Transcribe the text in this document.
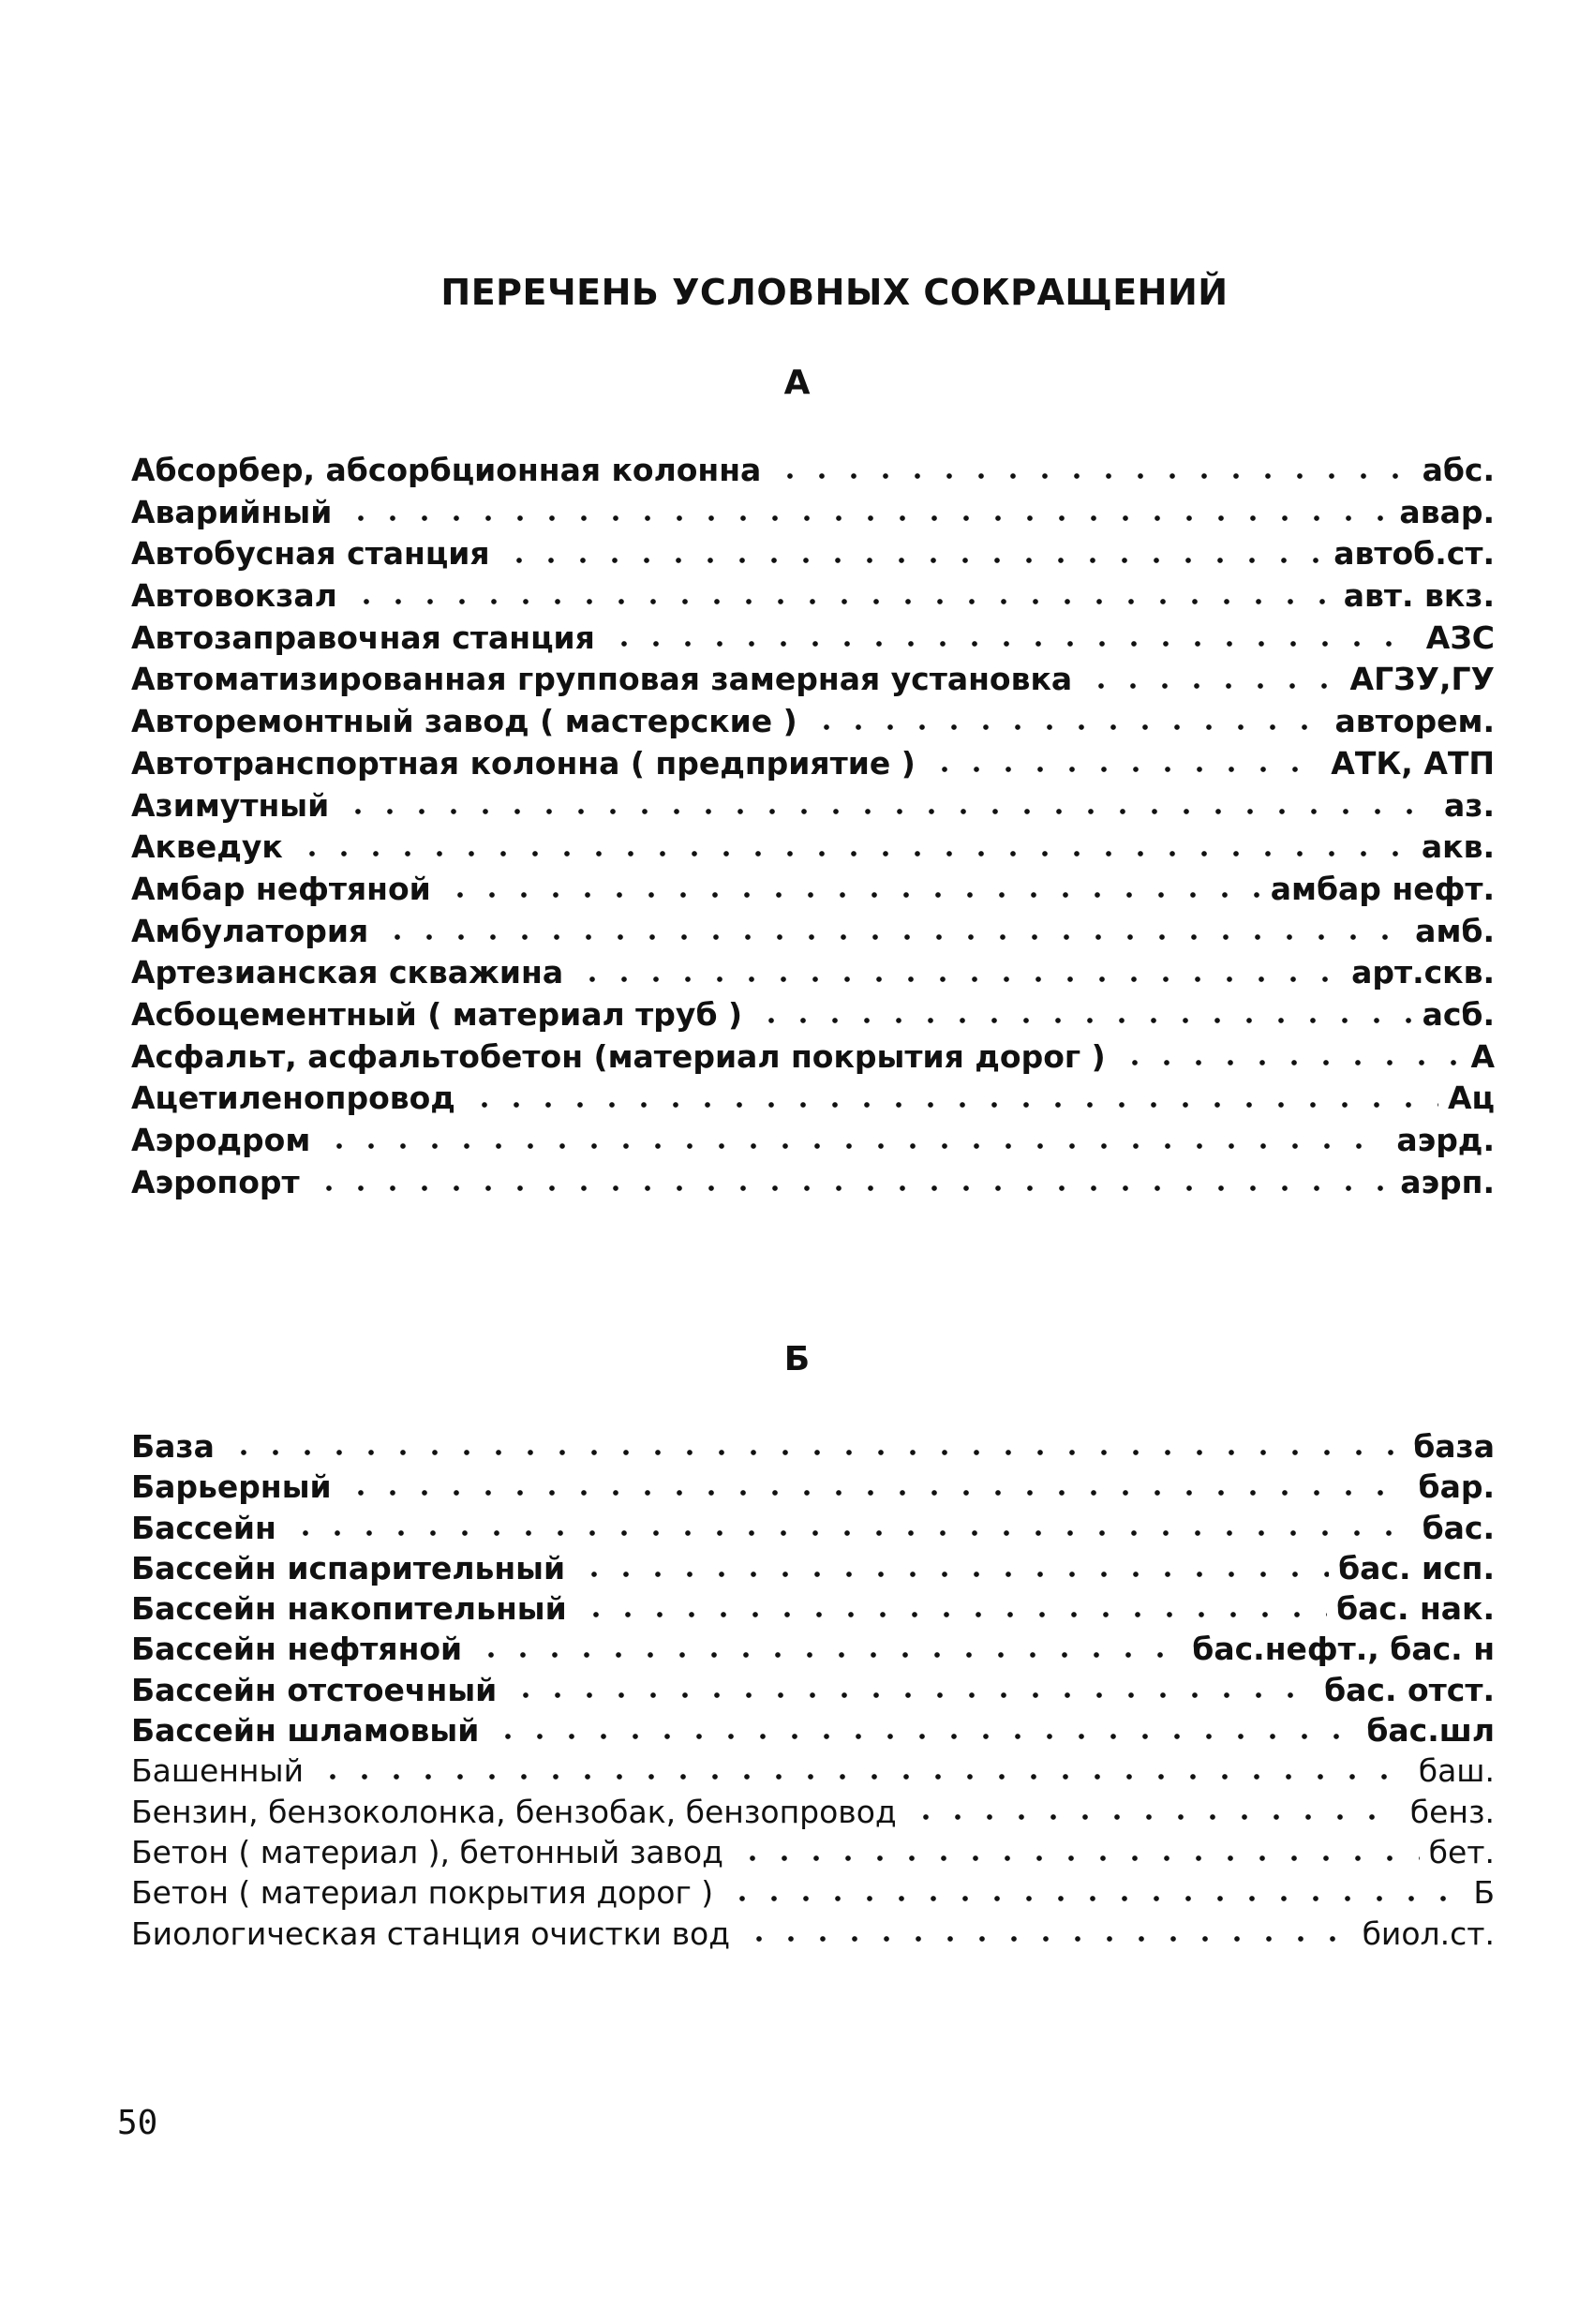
ПЕРЕЧЕНЬ УСЛОВНЫХ СОКРАЩЕНИЙ
А
Абсорбер, абсорбционная колонна	абс.
Аварийный	авар.
Автобусная станция	автоб.ст.
Автовокзал	авт. вкз.
Автозаправочная станция	АЗС
Автоматизированная групповая замерная установка	АГЗУ,ГУ
Авторемонтный завод ( мастерские )	авторем.
Автотранспортная колонна ( предприятие )	АТК, АТП
Азимутный	аз.
Акведук	акв.
Амбар нефтяной	амбар нефт.
Амбулатория	амб.
Артезианская скважина	арт.скв.
Асбоцементный ( материал труб )	асб.
Асфальт, асфальтобетон (материал покрытия дорог )	А
Ацетиленопровод	Ац
Аэродром	аэрд.
Аэропорт	аэрп.
Б
База	база
Барьерный	бар.
Бассейн	бас.
Бассейн испарительный	бас. исп.
Бассейн накопительный	бас. нак.
Бассейн нефтяной	бас.нефт., бас. н
Бассейн отстоечный	бас. отст.
Бассейн шламовый	бас.шл
Башенный	баш.
Бензин, бензоколонка, бензобак, бензопровод	бенз.
Бетон ( материал ), бетонный завод	бет.
Бетон ( материал покрытия дорог )	Б
Биологическая станция очистки вод	биол.ст.
50
